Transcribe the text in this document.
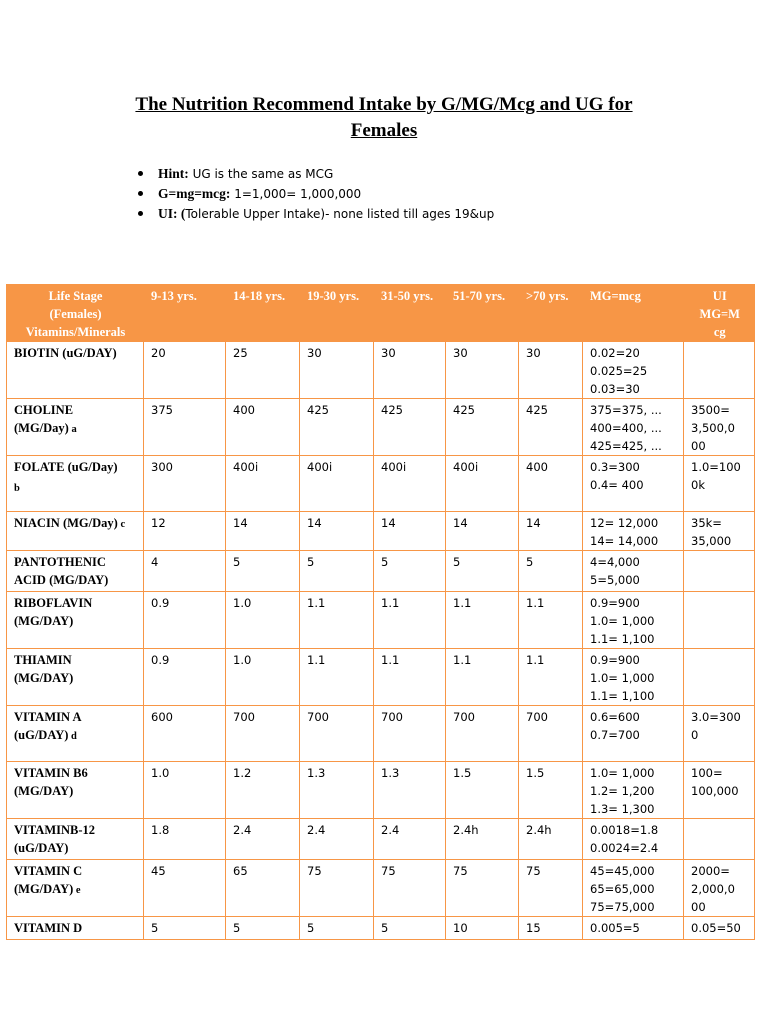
The Nutrition Recommend Intake by G/MG/Mcg and UG for
Females
Hint: UG is the same as MCG
G=mg=mcg: 1=1,000= 1,000,000
UI: (Tolerable Upper Intake)- none listed till ages 19&up
Life Stage
(Females)
Vitamins/Minerals	9-13 yrs.	14-18 yrs.	19-30 yrs.	31-50 yrs.	51-70 yrs.	>70 yrs.	MG=mcg	UI
MG=M
cg
BIOTIN (uG/DAY)	20	25	30	30	30	30	0.02=20
0.025=25
0.03=30	

CHOLINE
(MG/Day) a	375	400	425	425	425	425	375=375, ...
400=400, ...
425=425, ...	3500=
3,500,0
00

FOLATE (uG/Day)
b	300	400i	400i	400i	400i	400	0.3=300
0.4= 400	1.0=100
0k

NIACIN (MG/Day) c	12	14	14	14	14	14	12= 12,000
14= 14,000	35k=
35,000

PANTOTHENIC
ACID (MG/DAY)	4	5	5	5	5	5	4=4,000
5=5,000	

RIBOFLAVIN
(MG/DAY)	0.9	1.0	1.1	1.1	1.1	1.1	0.9=900
1.0= 1,000
1.1= 1,100	

THIAMIN
(MG/DAY)	0.9	1.0	1.1	1.1	1.1	1.1	0.9=900
1.0= 1,000
1.1= 1,100	

VITAMIN A
(uG/DAY) d	600	700	700	700	700	700	0.6=600
0.7=700	3.0=300
0

VITAMIN B6
(MG/DAY)	1.0	1.2	1.3	1.3	1.5	1.5	1.0= 1,000
1.2= 1,200
1.3= 1,300	100=
100,000

VITAMINB-12
(uG/DAY)	1.8	2.4	2.4	2.4	2.4h	2.4h	0.0018=1.8
0.0024=2.4	

VITAMIN C
(MG/DAY) e	45	65	75	75	75	75	45=45,000
65=65,000
75=75,000	2000=
2,000,0
00

VITAMIN D	5	5	5	5	10	15	0.005=5	0.05=50
